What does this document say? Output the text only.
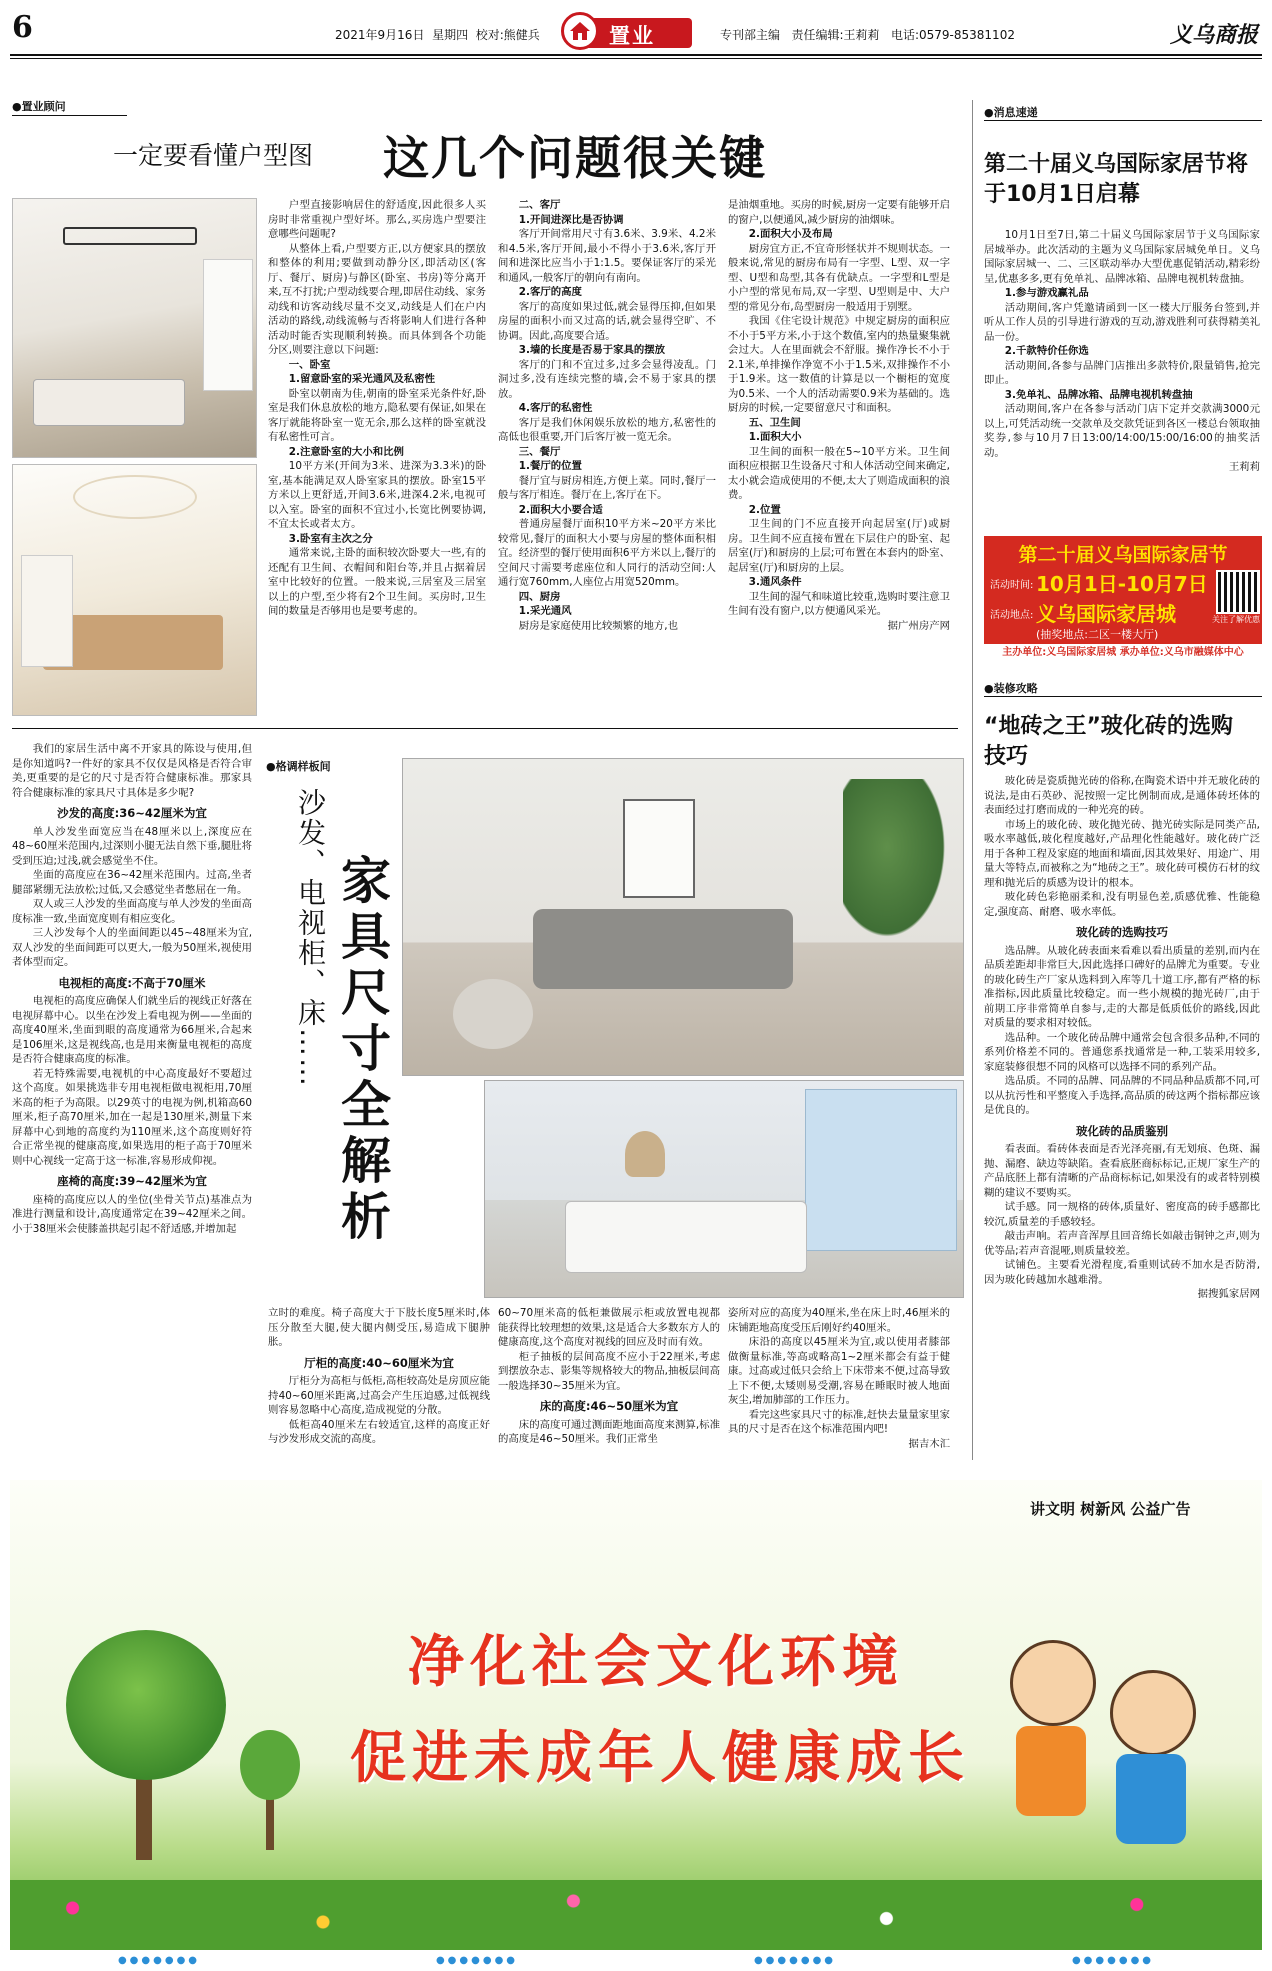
6	2021年9月16日 星期四 校对:熊健兵	置业	专刊部主编 责任编辑:王莉莉 电话:0579-85381102	义乌商报
●置业顾问
一定要看懂户型图 这几个问题很关键

户型直接影响居住的舒适度,因此很多人买房时非常重视户型好坏。那么,买房选户型要注意哪些问题呢?

从整体上看,户型要方正,以方便家具的摆放和整体的利用;要做到动静分区,即活动区(客厅、餐厅、厨房)与静区(卧室、书房)等分离开来,互不打扰;户型动线要合理,即居住动线、家务动线和访客动线尽量不交叉,动线是人们在户内活动的路线,动线流畅与否将影响人们进行各种活动时能否实现顺利转换。而具体到各个功能分区,则要注意以下问题:

一、卧室

1.留意卧室的采光通风及私密性

卧室以朝南为佳,朝南的卧室采光条件好,卧室是我们休息放松的地方,隐私要有保证,如果在客厅就能将卧室一览无余,那么这样的卧室就没有私密性可言。

2.注意卧室的大小和比例

10平方米(开间为3米、进深为3.3米)的卧室,基本能满足双人卧室家具的摆放。卧室15平方米以上更舒适,开间3.6米,进深4.2米,电视可以入室。卧室的面积不宜过小,长宽比例要协调,不宜太长或者太方。

3.卧室有主次之分

通常来说,主卧的面积较次卧要大一些,有的还配有卫生间、衣帽间和阳台等,并且占据着居室中比较好的位置。一般来说,三居室及三居室以上的户型,至少将有2个卫生间。买房时,卫生间的数量是否够用也是要考虑的。

二、客厅

1.开间进深比是否协调

客厅开间常用尺寸有3.6米、3.9米、4.2米和4.5米,客厅开间,最小不得小于3.6米,客厅开间和进深比应当小于1:1.5。要保证客厅的采光和通风,一般客厅的朝向有南向。

2.客厅的高度

客厅的高度如果过低,就会显得压抑,但如果房屋的面积小而又过高的话,就会显得空旷、不协调。因此,高度要合适。

3.墙的长度是否易于家具的摆放

客厅的门和不宜过多,过多会显得凌乱。门洞过多,没有连续完整的墙,会不易于家具的摆放。

4.客厅的私密性

客厅是我们休闲娱乐放松的地方,私密性的高低也很重要,开门后客厅被一览无余。

三、餐厅

1.餐厅的位置

餐厅宜与厨房相连,方便上菜。同时,餐厅一般与客厅相连。餐厅在上,客厅在下。

2.面积大小要合适

普通房屋餐厅面积10平方米~20平方米比较常见,餐厅的面积大小要与房屋的整体面积相宜。经济型的餐厅使用面积6平方米以上,餐厅的空间尺寸需要考虑座位和人同行的活动空间:人通行宽760mm,人座位占用宽520mm。

四、厨房

1.采光通风

厨房是家庭使用比较频繁的地方,也

是油烟重地。买房的时候,厨房一定要有能够开启的窗户,以便通风,减少厨房的油烟味。

2.面积大小及布局

厨房宜方正,不宜奇形怪状并不规则状态。一般来说,常见的厨房布局有一字型、L型、双一字型、U型和岛型,其各有优缺点。一字型和L型是小户型的常见布局,双一字型、U型则是中、大户型的常见分布,岛型厨房一般适用于别墅。

我国《住宅设计规范》中规定厨房的面积应不小于5平方米,小于这个数值,室内的热量聚集就会过大。人在里面就会不舒服。操作净长不小于2.1米,单排操作净宽不小于1.5米,双排操作不小于1.9米。这一数值的计算是以一个橱柜的宽度为0.5米、一个人的活动需要0.9米为基础的。选厨房的时候,一定要留意尺寸和面积。

五、卫生间

1.面积大小

卫生间的面积一般在5~10平方米。卫生间面积应根据卫生设备尺寸和人体活动空间来确定,太小就会造成使用的不便,太大了则造成面积的浪费。

2.位置

卫生间的门不应直接开向起居室(厅)或厨房。卫生间不应直接布置在下层住户的卧室、起居室(厅)和厨房的上层;可布置在本套内的卧室、起居室(厅)和厨房的上层。

3.通风条件

卫生间的湿气和味道比较重,选购时要注意卫生间有没有窗户,以方便通风采光。

据广州房产网

我们的家居生活中离不开家具的陈设与使用,但是你知道吗?一件好的家具不仅仅是风格是否符合审美,更重要的是它的尺寸是否符合健康标准。那家具符合健康标准的家具尺寸具体是多少呢?

沙发的高度:36~42厘米为宜

单人沙发坐面宽应当在48厘米以上,深度应在48~60厘米范围内,过深则小腿无法自然下垂,腿肚将受到压迫;过浅,就会感觉坐不住。

坐面的高度应在36~42厘米范围内。过高,坐者腿部紧绷无法放松;过低,又会感觉坐者憋屈在一角。

双人或三人沙发的坐面高度与单人沙发的坐面高度标准一致,坐面宽度则有相应变化。

三人沙发每个人的坐面间距以45~48厘米为宜,双人沙发的坐面间距可以更大,一般为50厘米,视使用者体型而定。

电视柜的高度:不高于70厘米

电视柜的高度应确保人们就坐后的视线正好落在电视屏幕中心。以坐在沙发上看电视为例——坐面的高度40厘米,坐面到眼的高度通常为66厘米,合起来是106厘米,这是视线高,也是用来衡量电视柜的高度是否符合健康高度的标准。

若无特殊需要,电视机的中心高度最好不要超过这个高度。如果挑选非专用电视柜做电视柜用,70厘米高的柜子为高限。以29英寸的电视为例,机箱高60厘米,柜子高70厘米,加在一起是130厘米,测量下来屏幕中心到地的高度约为110厘米,这个高度则好符合正常坐视的健康高度,如果选用的柜子高于70厘米则中心视线一定高于这一标准,容易形成仰视。

座椅的高度:39~42厘米为宜

座椅的高度应以人的坐位(坐骨关节点)基准点为准进行测量和设计,高度通常定在39~42厘米之间。小于38厘米会使膝盖拱起引起不舒适感,并增加起

●格调样板间
沙发、电视柜、床…… 家具尺寸全解析

立时的难度。椅子高度大于下肢长度5厘米时,体压分散至大腿,使大腿内侧受压,易造成下腿肿胀。

厅柜的高度:40~60厘米为宜

厅柜分为高柜与低柜,高柜较高处是房顶应能持40~60厘米距离,过高会产生压迫感,过低视线则容易忽略中心高度,造成视觉的分散。

低柜高40厘米左右较适宜,这样的高度正好与沙发形成交流的高度。

60~70厘米高的低柜兼做展示柜或放置电视都能获得比较理想的效果,这是适合大多数东方人的健康高度,这个高度对视线的回应及时而有效。

柜子抽板的层间高度不应小于22厘米,考虑到摆放杂志、影集等规格较大的物品,抽板层间高一般选择30~35厘米为宜。

床的高度:46~50厘米为宜

床的高度可通过测面距地面高度来测算,标准的高度是46~50厘米。我们正常坐

姿所对应的高度为40厘米,坐在床上时,46厘米的床铺距地高度受压后刚好约40厘米。

床沿的高度以45厘米为宜,或以使用者膝部做衡量标准,等高或略高1~2厘米都会有益于健康。过高或过低只会给上下床带来不便,过高导致上下不便,太矮则易受潮,容易在睡眠时被人地面灰尘,增加肺部的工作压力。

看完这些家具尺寸的标准,赶快去量量家里家具的尺寸是否在这个标准范围内吧!

据吉木汇

●消息速递
第二十届义乌国际家居节将于10月1日启幕

10月1日至7日,第二十届义乌国际家居节于义乌国际家居城举办。此次活动的主题为义乌国际家居城免单日。义乌国际家居城一、二、三区联动举办大型优惠促销活动,精彩纷呈,优惠多多,更有免单礼、品牌冰箱、品牌电视机转盘抽。

1.参与游戏赢礼品

活动期间,客户凭邀请函到一区一楼大厅服务台签到,并听从工作人员的引导进行游戏的互动,游戏胜利可获得精美礼品一份。

2.千款特价任你选

活动期间,各参与品牌门店推出多款特价,限量销售,抢完即止。

3.免单礼、品牌冰箱、品牌电视机转盘抽

活动期间,客户在各参与活动门店下定并交款满3000元以上,可凭活动统一交款单及交款凭证到各区一楼总台领取抽奖券,参与10月7日13:00/14:00/15:00/16:00的抽奖活动。

王莉莉

第二十届义乌国际家居节
活动时间: 10月1日-10月7日
活动地点: 义乌国际家居城
(抽奖地点:二区一楼大厅)
关注了解优惠
主办单位:义乌国际家居城 承办单位:义乌市融媒体中心
●装修攻略
“地砖之王”玻化砖的选购技巧

玻化砖是瓷质抛光砖的俗称,在陶瓷术语中并无玻化砖的说法,是由石英砂、泥按照一定比例制而成,是通体砖坯体的表面经过打磨而成的一种光亮的砖。

市场上的玻化砖、玻化抛光砖、抛光砖实际是同类产品,吸水率越低,玻化程度越好,产品理化性能越好。玻化砖广泛用于各种工程及家庭的地面和墙面,因其效果好、用途广、用量大等特点,而被称之为“地砖之王”。玻化砖可模仿石材的纹理和抛光后的质感为设计的根本。

玻化砖色彩艳丽柔和,没有明显色差,质感优雅、性能稳定,强度高、耐磨、吸水率低。

玻化砖的选购技巧

选品牌。从玻化砖表面来看难以看出质量的差别,而内在品质差距却非常巨大,因此选择口碑好的品牌尤为重要。专业的玻化砖生产厂家从选料到入库等几十道工序,都有严格的标准指标,因此质量比较稳定。而一些小规模的抛光砖厂,由于前期工序非常简单自参与,走的大都是低质低价的路线,因此对质量的要求相对较低。

选品种。一个玻化砖品牌中通常会包含很多品种,不同的系列价格差不同的。普通您系找通常是一种,工装采用较多,家庭装修很想不同的风格可以选择不同的系列产品。

选品质。不同的品牌、同品牌的不同品种品质都不同,可以从抗污性和平整度入手选择,高品质的砖这两个指标都应该是优良的。

玻化砖的品质鉴别

看表面。看砖体表面是否光泽亮丽,有无划痕、色斑、漏抛、漏磨、缺边等缺陷。查看底胚商标标记,正规厂家生产的产品底胚上都有清晰的产品商标标记,如果没有的或者特别模糊的建议不要购买。

试手感。同一规格的砖体,质量好、密度高的砖手感都比较沉,质量差的手感较轻。

敲击声响。若声音浑厚且回音绵长如敲击铜钟之声,则为优等品;若声音混哑,则质量较差。

试铺色。主要看光滑程度,看重则试砖不加水是否防滑,因为玻化砖越加水越难滑。

据搜狐家居网

讲文明 树新风 公益广告
净化社会文化环境
促进未成年人健康成长
●●●●●●●	●●●●●●●	●●●●●●●	●●●●●●●
